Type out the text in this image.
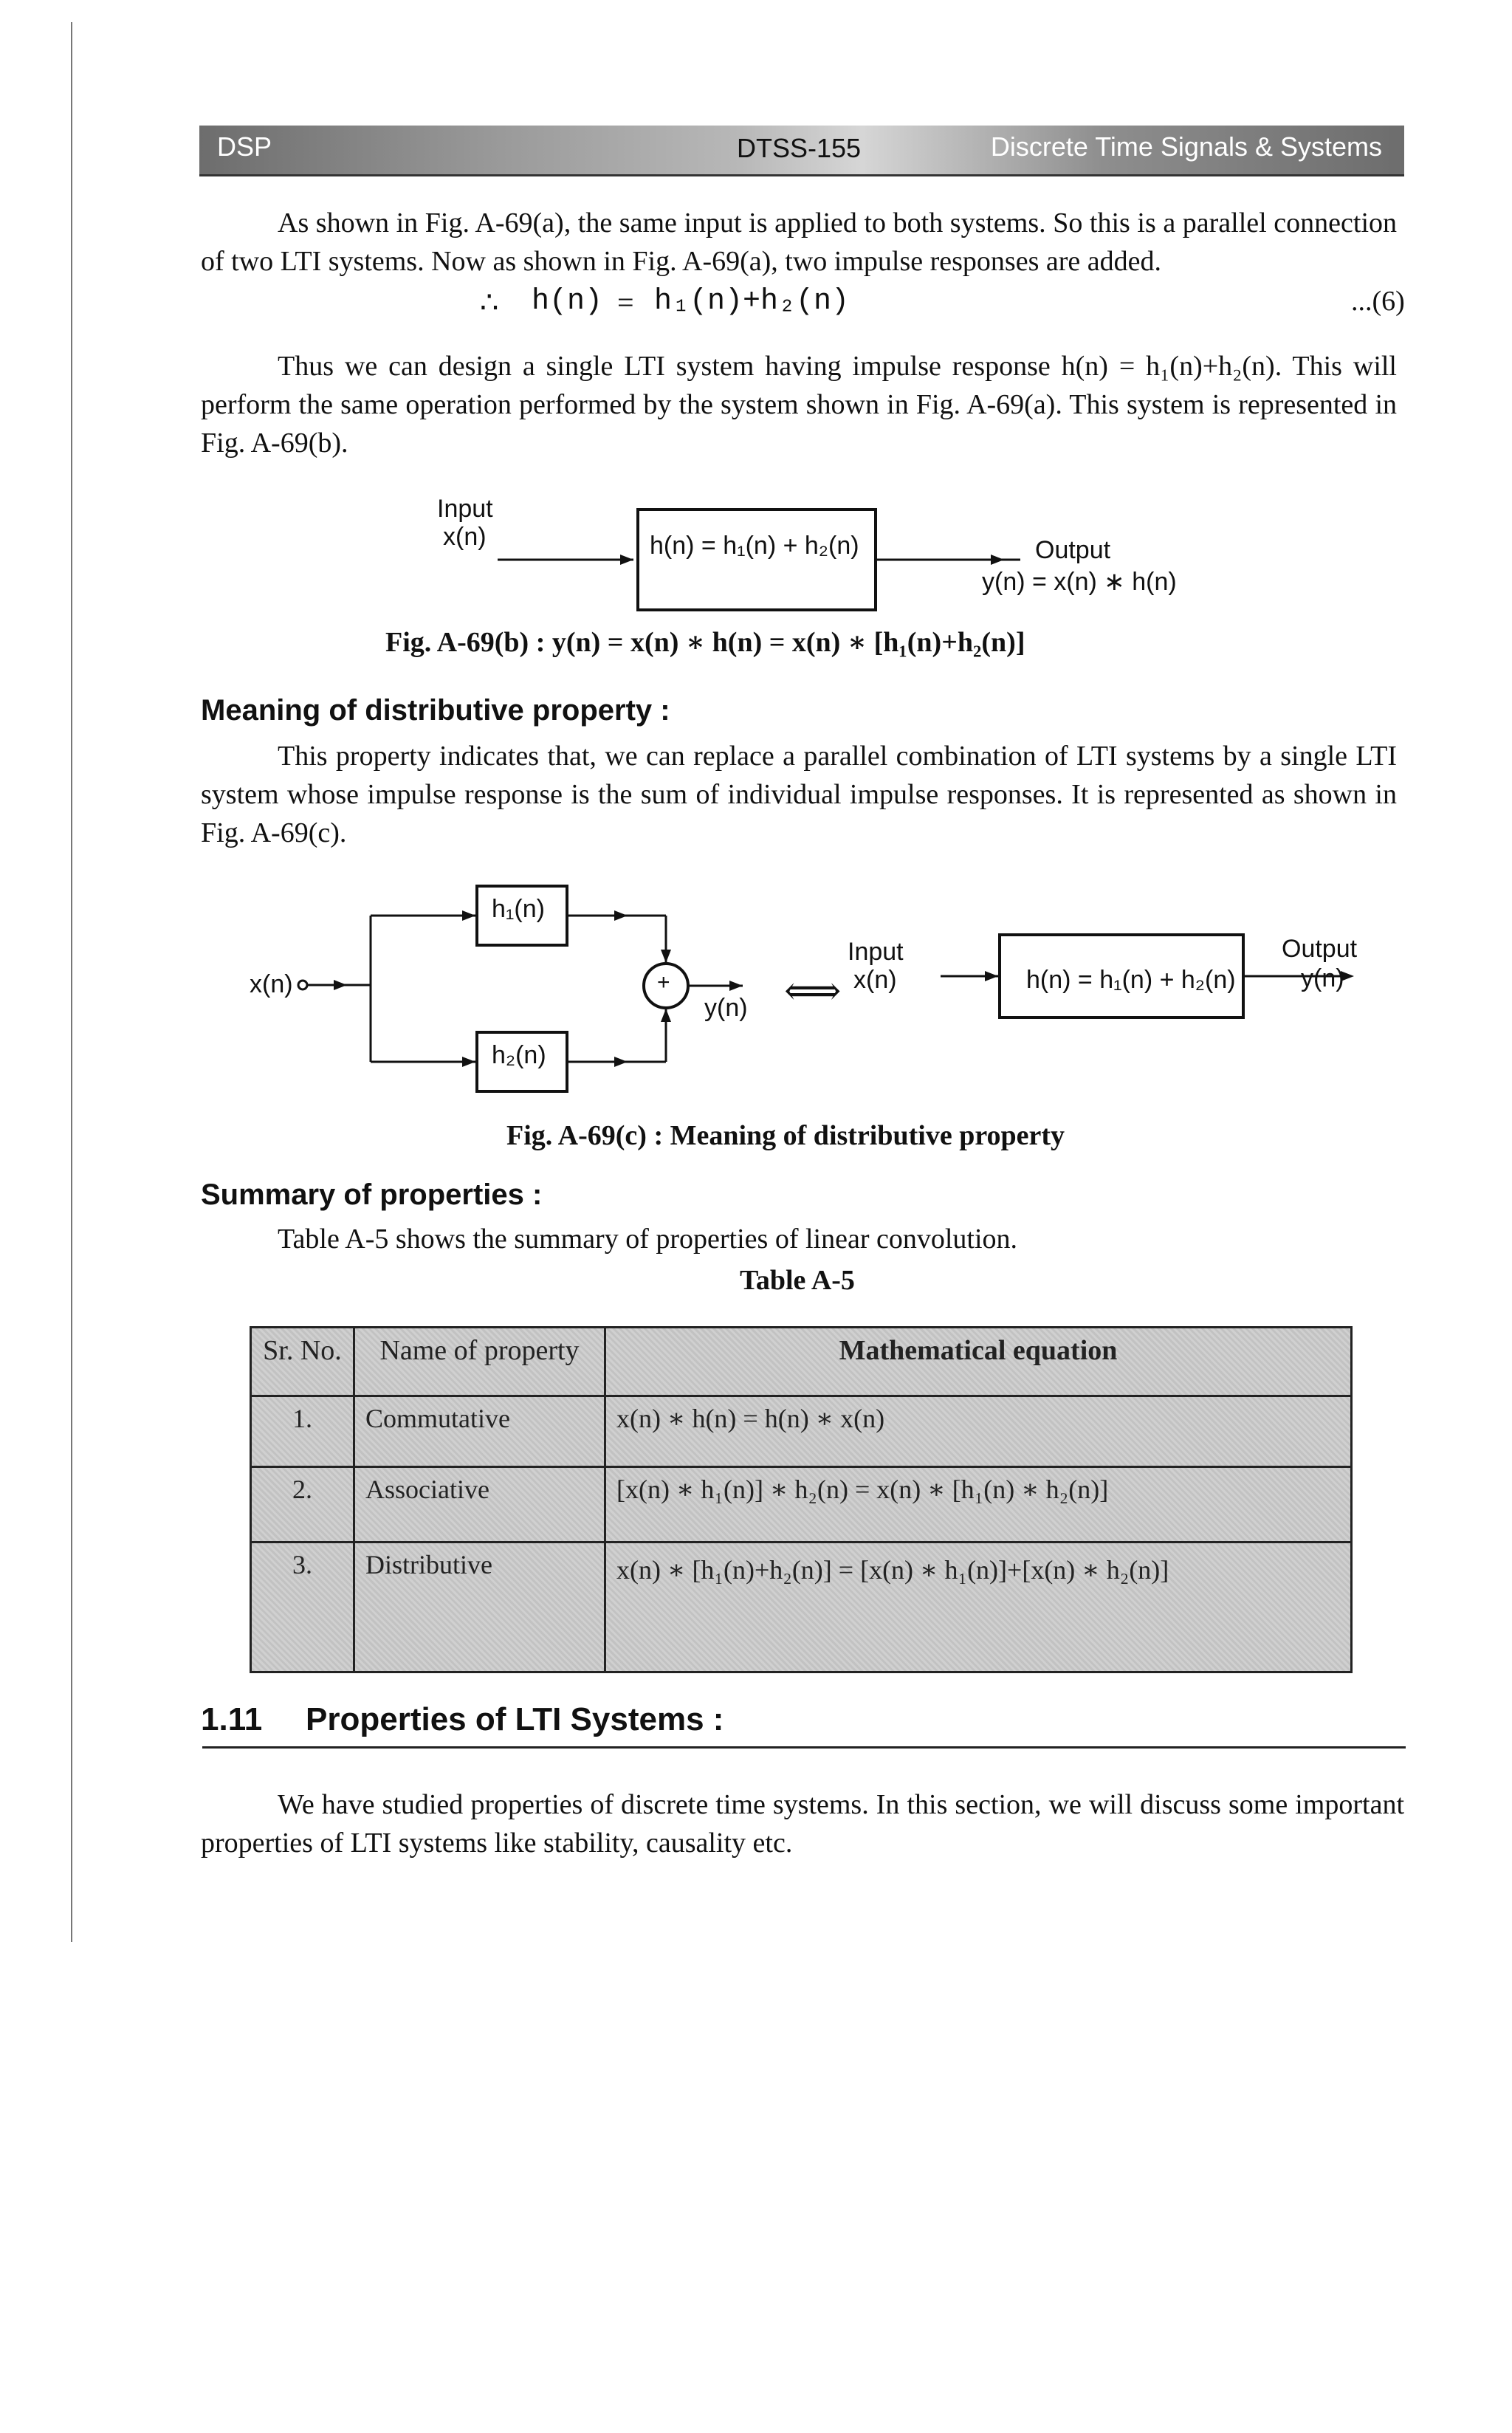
DSP	DTSS-155	Discrete Time Signals & Systems
As shown in Fig. A-69(a), the same input is applied to both systems. So this is a parallel connection of two LTI systems. Now as shown in Fig. A-69(a), two impulse responses are added.
∴ h(n) = h₁(n)+h₂(n)	...(6)
Thus we can design a single LTI system having impulse response h(n) = h₁(n)+h₂(n). This will perform the same operation performed by the system shown in Fig. A-69(a). This system is represented in Fig. A-69(b).
Input
x(n)	h(n) = h₁(n) + h₂(n)	Output
y(n) = x(n) ∗ h(n)
Fig. A-69(b) : y(n) = x(n) ∗ h(n) = x(n) ∗ [h₁(n)+h₂(n)]
Meaning of distributive property :
This property indicates that, we can replace a parallel combination of LTI systems by a single LTI system whose impulse response is the sum of individual impulse responses. It is represented as shown in Fig. A-69(c).
x(n)
h₁(n)
h₂(n)
+
y(n) ⟺
Input
x(n)	h(n) = h₁(n) + h₂(n)
Output
y(n)
Fig. A-69(c) : Meaning of distributive property
Summary of properties :
Table A-5 shows the summary of properties of linear convolution.
Table A-5
Sr. No.	Name of property	Mathematical equation
1.	Commutative	x(n) ∗ h(n) = h(n) ∗ x(n)
2.	Associative	[x(n) ∗ h₁(n)] ∗ h₂(n) = x(n) ∗ [h₁(n) ∗ h₂(n)]
3.	Distributive	x(n) ∗ [h₁(n)+h₂(n)] = [x(n) ∗ h₁(n)]+[x(n) ∗ h₂(n)]
1.11 Properties of LTI Systems :
We have studied properties of discrete time systems. In this section, we will discuss some important properties of LTI systems like stability, causality etc.
